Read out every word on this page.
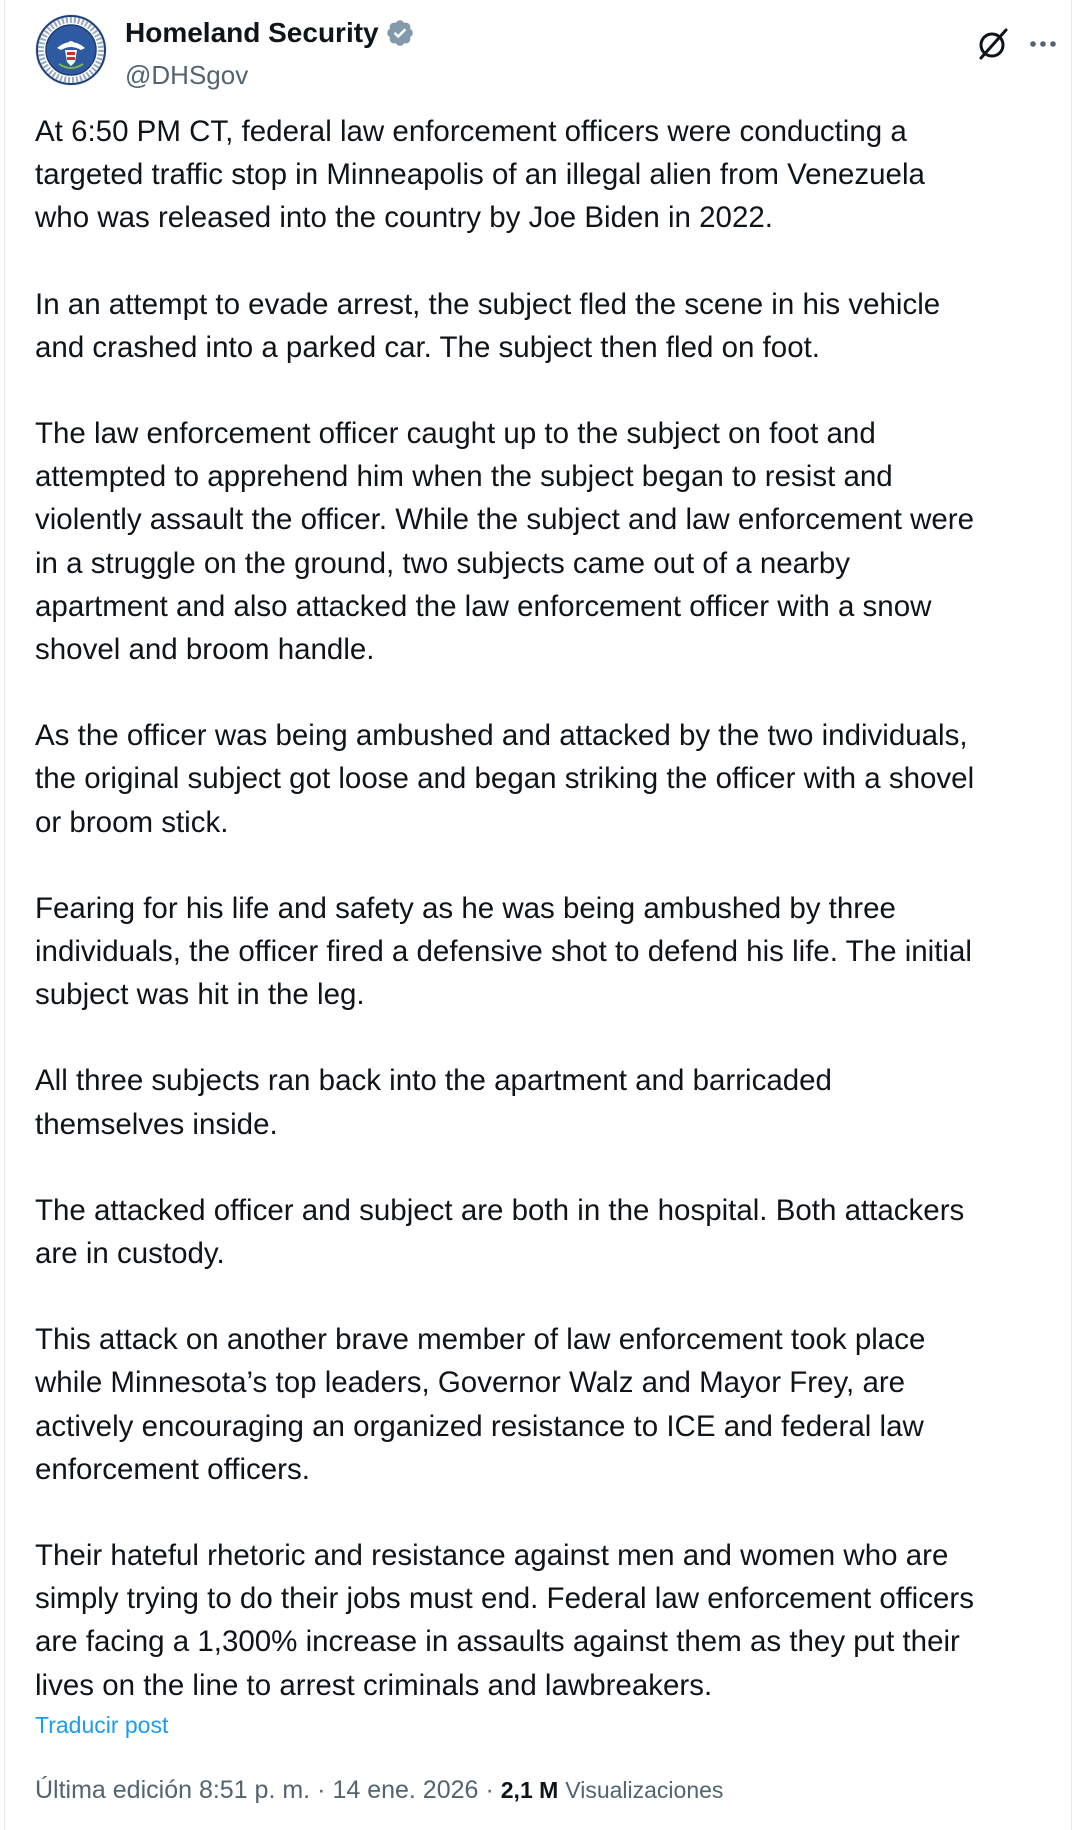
Homeland Security
@DHSgov

At 6:50 PM CT, federal law enforcement officers were conducting a
targeted traffic stop in Minneapolis of an illegal alien from Venezuela
who was released into the country by Joe Biden in 2022.

In an attempt to evade arrest, the subject fled the scene in his vehicle
and crashed into a parked car. The subject then fled on foot.

The law enforcement officer caught up to the subject on foot and
attempted to apprehend him when the subject began to resist and
violently assault the officer. While the subject and law enforcement were
in a struggle on the ground, two subjects came out of a nearby
apartment and also attacked the law enforcement officer with a snow
shovel and broom handle.

As the officer was being ambushed and attacked by the two individuals,
the original subject got loose and began striking the officer with a shovel
or broom stick.

Fearing for his life and safety as he was being ambushed by three
individuals, the officer fired a defensive shot to defend his life. The initial
subject was hit in the leg.

All three subjects ran back into the apartment and barricaded
themselves inside.

The attacked officer and subject are both in the hospital. Both attackers
are in custody.

This attack on another brave member of law enforcement took place
while Minnesota’s top leaders, Governor Walz and Mayor Frey, are
actively encouraging an organized resistance to ICE and federal law
enforcement officers.

Their hateful rhetoric and resistance against men and women who are
simply trying to do their jobs must end. Federal law enforcement officers
are facing a 1,300% increase in assaults against them as they put their
lives on the line to arrest criminals and lawbreakers.

Traducir post
Última edición 8:51 p. m. · 14 ene. 2026 · 2,1 M Visualizaciones
